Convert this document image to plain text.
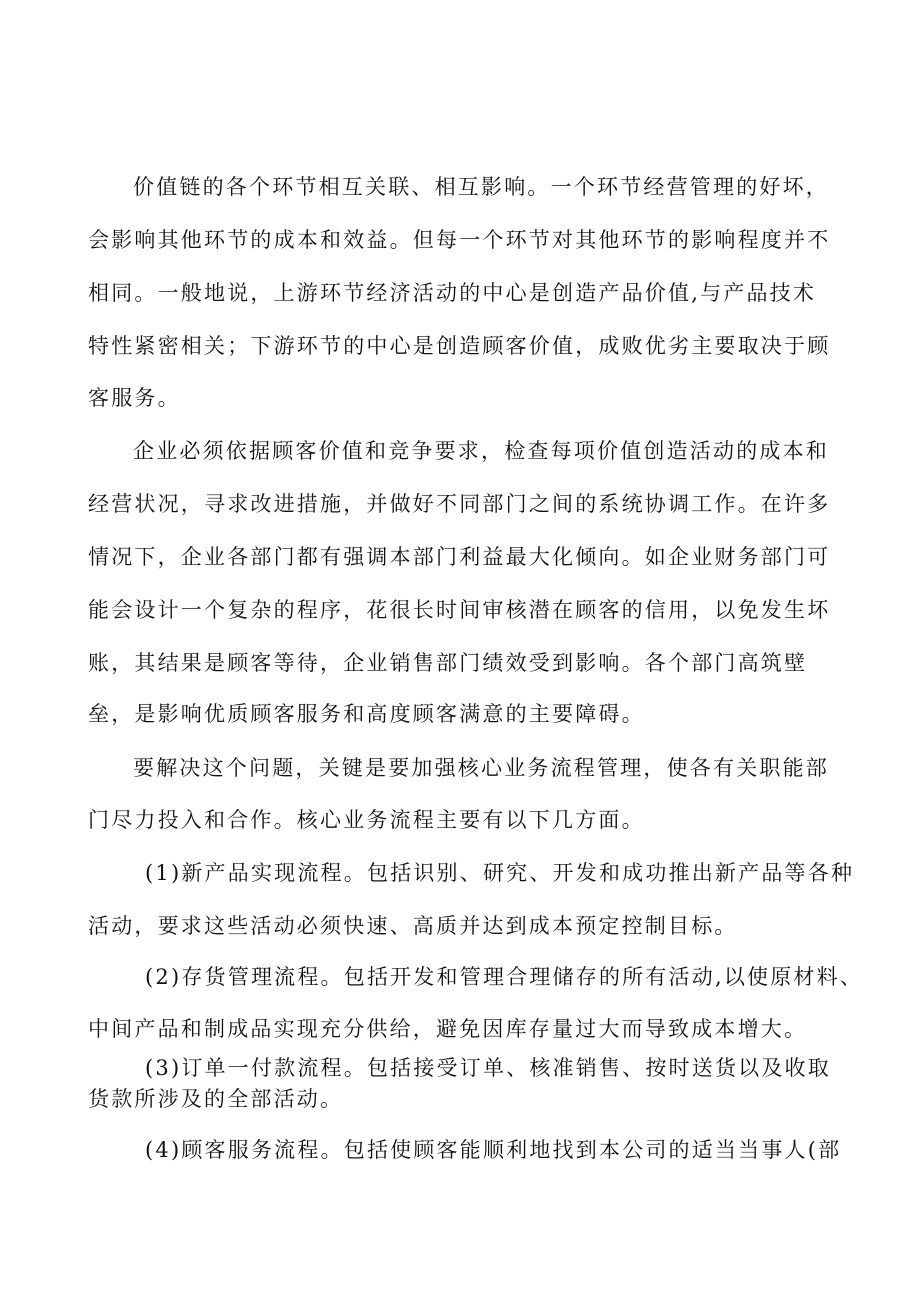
价值链的各个环节相互关联、相互影响。一个环节经营管理的好坏，
会影响其他环节的成本和效益。但每一个环节对其他环节的影响程度并不
相同。一般地说，上游环节经济活动的中心是创造产品价值,与产品技术
特性紧密相关；下游环节的中心是创造顾客价值，成败优劣主要取决于顾
客服务。
企业必须依据顾客价值和竞争要求，检查每项价值创造活动的成本和
经营状况，寻求改进措施，并做好不同部门之间的系统协调工作。在许多
情况下，企业各部门都有强调本部门利益最大化倾向。如企业财务部门可
能会设计一个复杂的程序，花很长时间审核潜在顾客的信用，以免发生坏
账，其结果是顾客等待，企业销售部门绩效受到影响。各个部门高筑壁
垒，是影响优质顾客服务和高度顾客满意的主要障碍。
要解决这个问题，关键是要加强核心业务流程管理，使各有关职能部
门尽力投入和合作。核心业务流程主要有以下几方面。
(1)新产品实现流程。包括识别、研究、开发和成功推出新产品等各种
活动，要求这些活动必须快速、高质并达到成本预定控制目标。
(2)存货管理流程。包括开发和管理合理储存的所有活动,以使原材料、
中间产品和制成品实现充分供给，避免因库存量过大而导致成本增大。
(3)订单一付款流程。包括接受订单、核准销售、按时送货以及收取
货款所涉及的全部活动。
(4)顾客服务流程。包括使顾客能顺利地找到本公司的适当当事人(部
